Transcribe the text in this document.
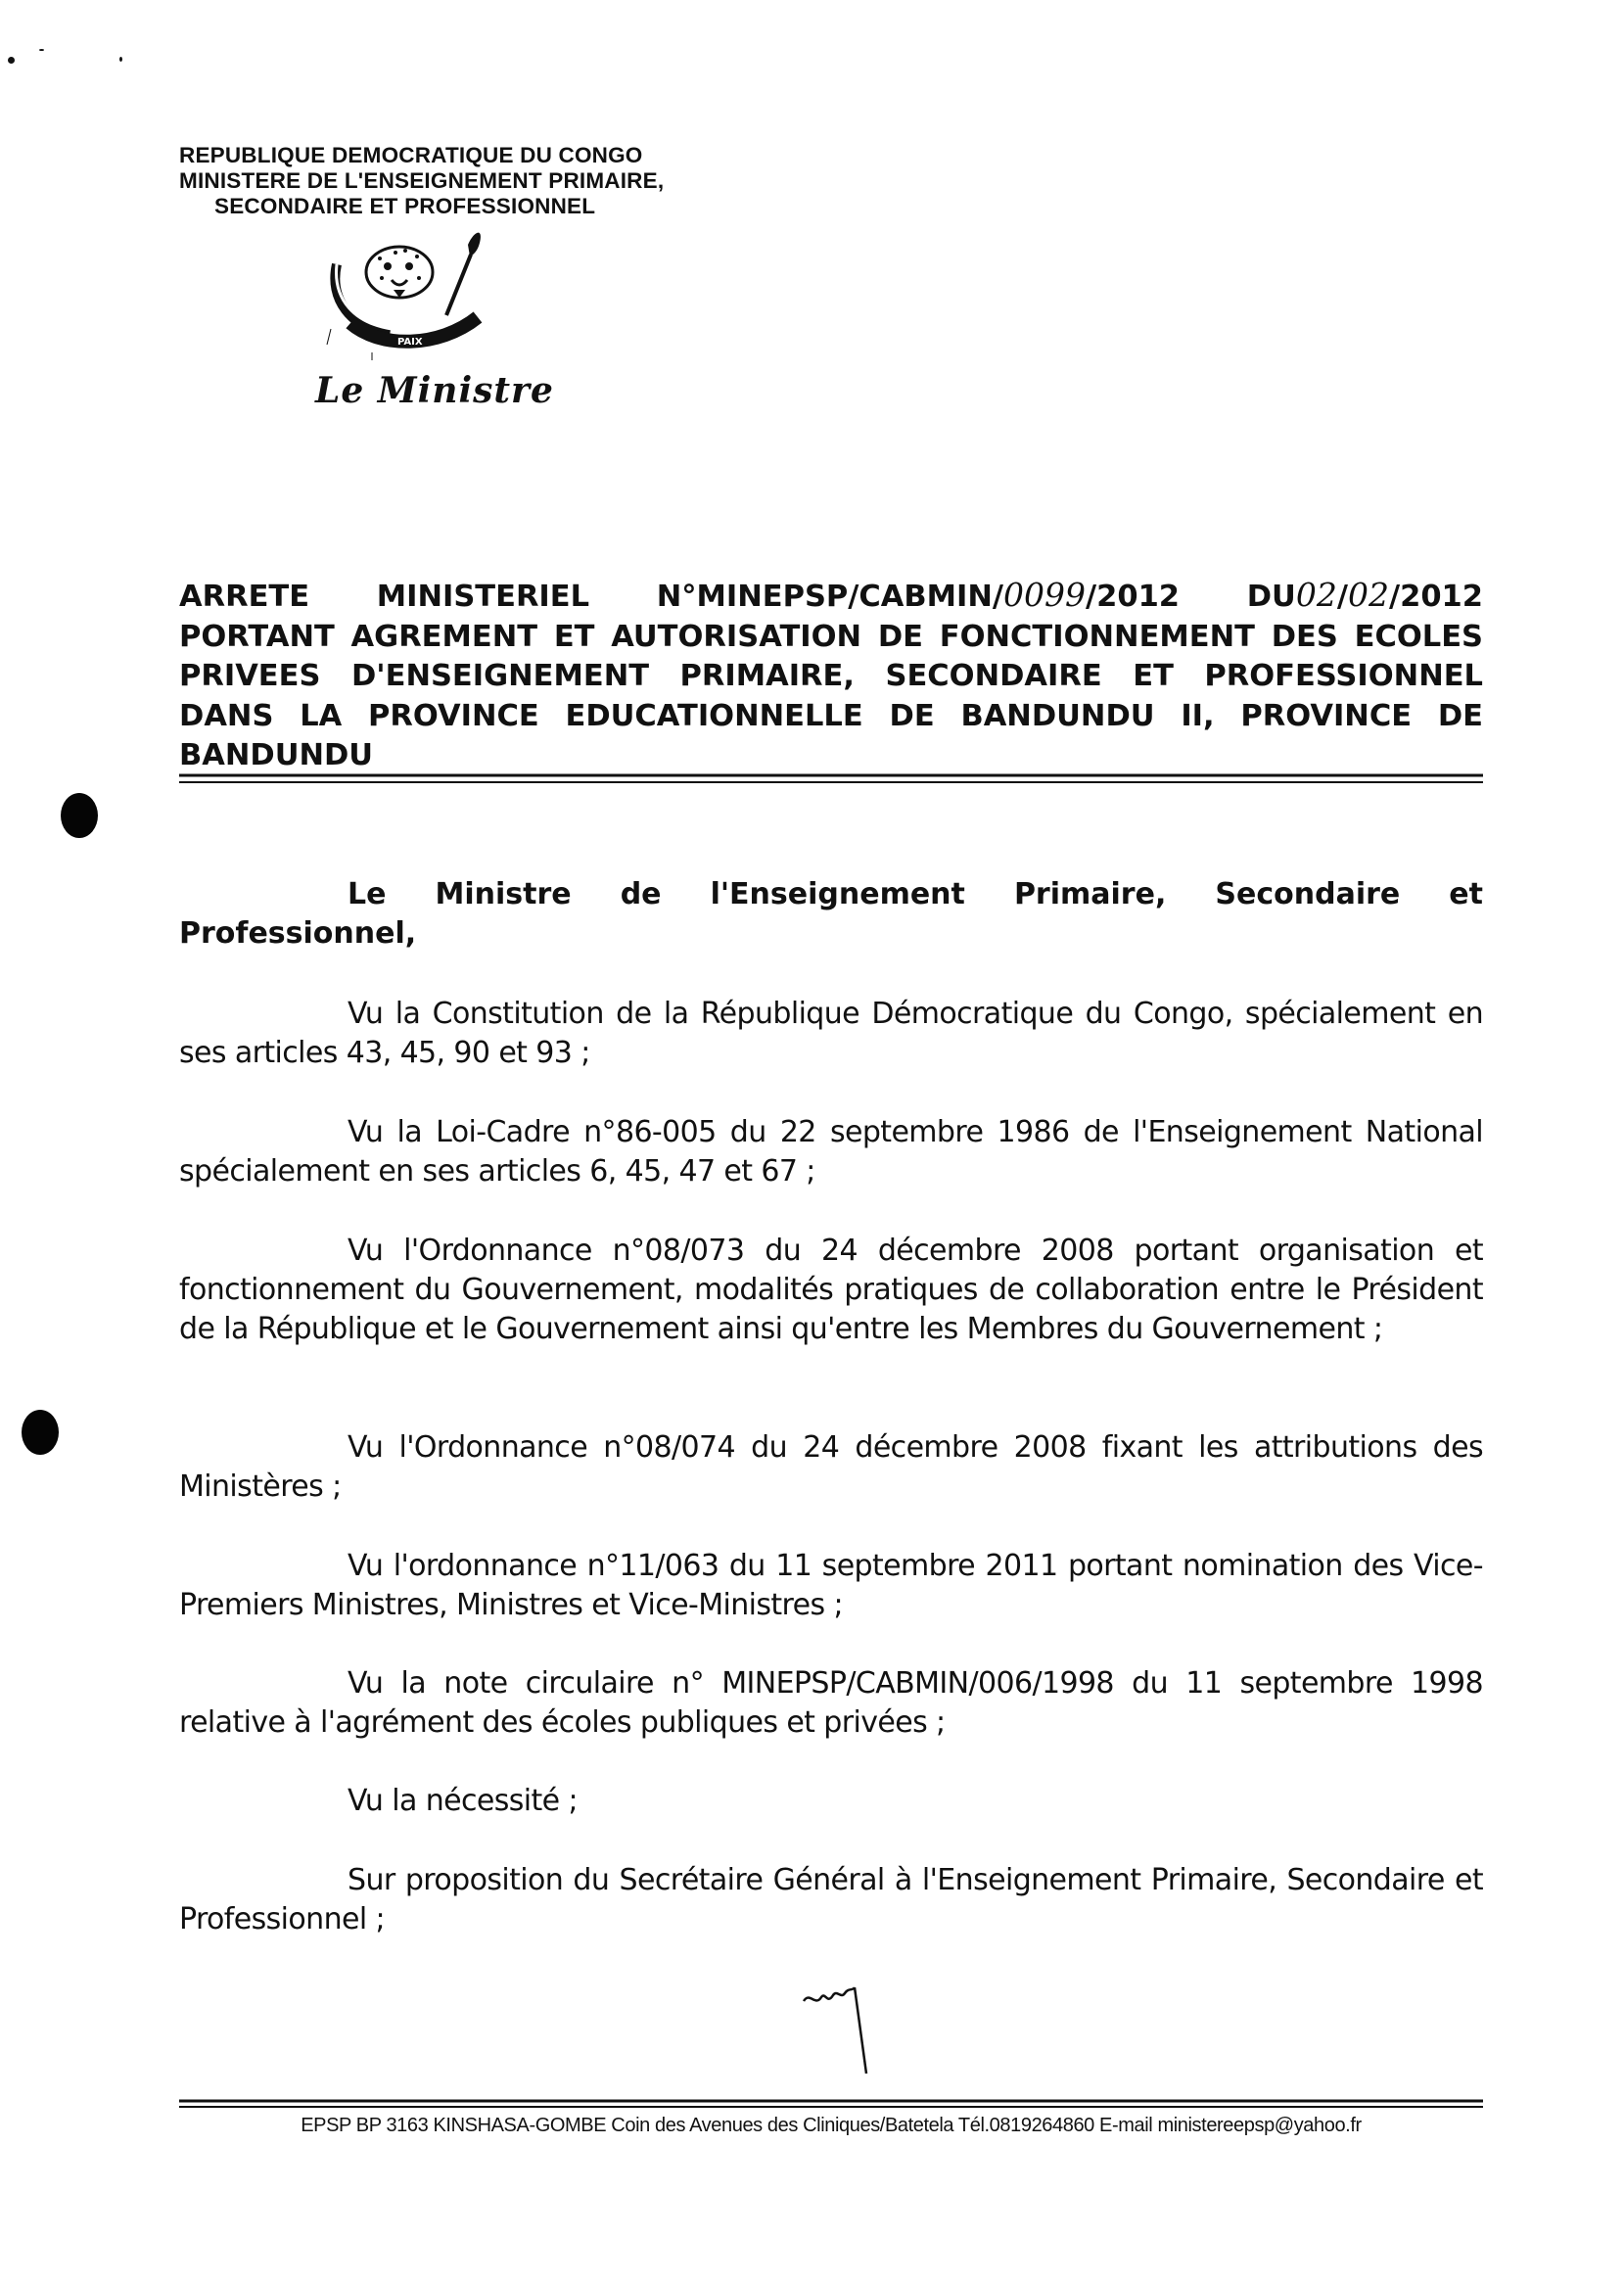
REPUBLIQUE DEMOCRATIQUE DU CONGO
MINISTERE DE L'ENSEIGNEMENT PRIMAIRE,
SECONDAIRE ET PROFESSIONNEL
PAIX
Le Ministre
ARRETE MINISTERIEL N°MINEPSP/CABMIN/0099/2012 DU02/02/2012
PORTANT AGREMENT ET AUTORISATION DE FONCTIONNEMENT DES ECOLES
PRIVEES D'ENSEIGNEMENT PRIMAIRE, SECONDAIRE ET PROFESSIONNEL
DANS LA PROVINCE EDUCATIONNELLE DE BANDUNDU II, PROVINCE DE
BANDUNDU
Le Ministre de l'Enseignement Primaire, Secondaire et Professionnel,
Vu la Constitution de la République Démocratique du Congo, spécialement en ses articles 43, 45, 90 et 93 ;
Vu la Loi-Cadre n°86-005 du 22 septembre 1986 de l'Enseignement National spécialement en ses articles 6, 45, 47 et 67 ;
Vu l'Ordonnance n°08/073 du 24 décembre 2008 portant organisation et fonctionnement du Gouvernement, modalités pratiques de collaboration entre le Président de la République et le Gouvernement ainsi qu'entre les Membres du Gouvernement ;
Vu l'Ordonnance n°08/074 du 24 décembre 2008 fixant les attributions des Ministères ;
Vu l'ordonnance n°11/063 du 11 septembre 2011 portant nomination des Vice-Premiers Ministres, Ministres et Vice-Ministres ;
Vu la note circulaire n° MINEPSP/CABMIN/006/1998 du 11 septembre 1998 relative à l'agrément des écoles publiques et privées ;
Vu la nécessité ;
Sur proposition du Secrétaire Général à l'Enseignement Primaire, Secondaire et Professionnel ;
EPSP BP 3163 KINSHASA-GOMBE Coin des Avenues des Cliniques/Batetela Tél.0819264860 E-mail ministereepsp@yahoo.fr
